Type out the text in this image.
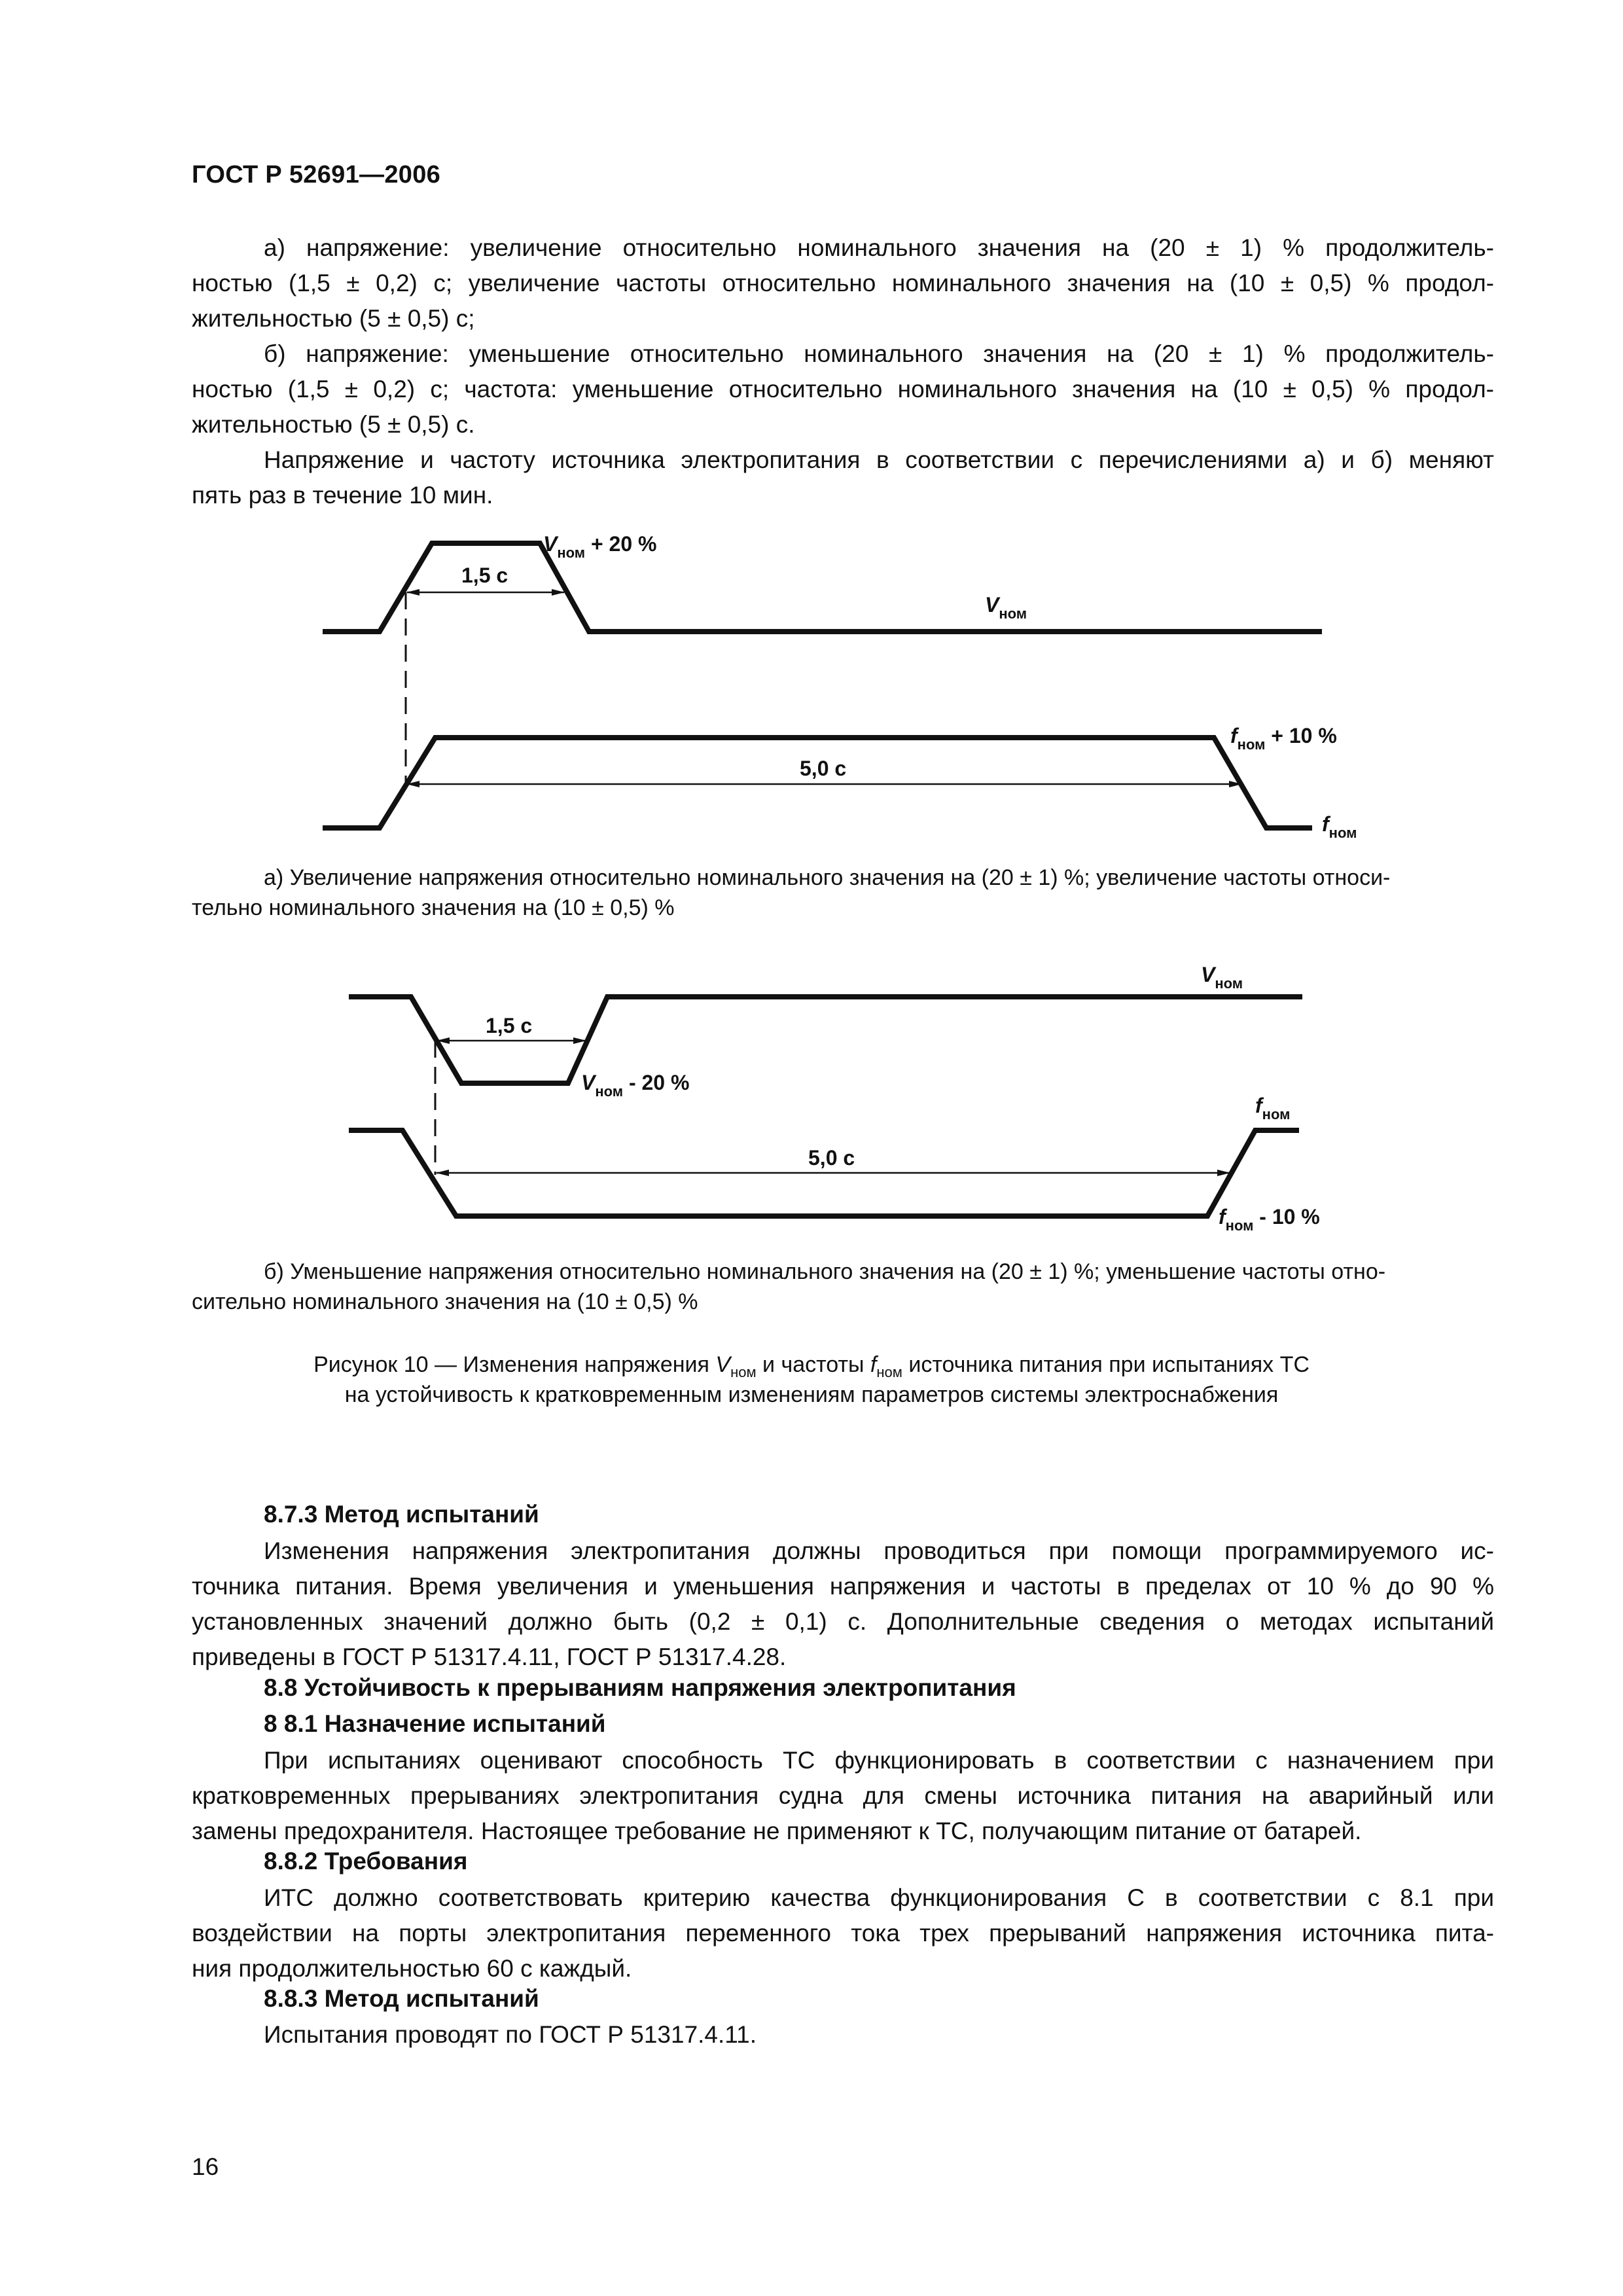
ГОСТ Р 52691—2006
а) напряжение: увеличение относительно номинального значения на (20 ± 1) % продолжитель-
ностью (1,5 ± 0,2) с; увеличение частоты относительно номинального значения на (10 ± 0,5) % продол-
жительностью (5 ± 0,5) с;
б) напряжение: уменьшение относительно номинального значения на (20 ± 1) % продолжитель-
ностью (1,5 ± 0,2) с; частота: уменьшение относительно номинального значения на (10 ± 0,5) % продол-
жительностью (5 ± 0,5) с.
Напряжение и частоту источника электропитания в соответствии с перечислениями а) и б) меняют
пять раз в течение 10 мин.
1,5 с
$V_{ном} + 20$ %
$V_{ном}$
5,0 с
$f_{ном} + 10$ %
$f_{ном}$
1,5 с
$V_{ном}$
$V_{ном} - 20$ %
5,0 с
$f_{ном}$
$f_{ном} - 10$ %
а) Увеличение напряжения относительно номинального значения на (20 ± 1) %; увеличение частоты относи-
тельно номинального значения на (10 ± 0,5) %
б) Уменьшение напряжения относительно номинального значения на (20 ± 1) %; уменьшение частоты отно-
сительно номинального значения на (10 ± 0,5) %
Рисунок 10 — Изменения напряжения $V_{ном}$ и частоты $f_{ном}$ источника питания при испытаниях ТС
на устойчивость к кратковременным изменениям параметров системы электроснабжения
8.7.3 Метод испытаний
Изменения напряжения электропитания должны проводиться при помощи программируемого ис-
точника питания. Время увеличения и уменьшения напряжения и частоты в пределах от 10 % до 90 %
установленных значений должно быть (0,2 ± 0,1) с. Дополнительные сведения о методах испытаний
приведены в ГОСТ Р 51317.4.11, ГОСТ Р 51317.4.28.
8.8 Устойчивость к прерываниям напряжения электропитания
8 8.1 Назначение испытаний
При испытаниях оценивают способность ТС функционировать в соответствии с назначением при
кратковременных прерываниях электропитания судна для смены источника питания на аварийный или
замены предохранителя. Настоящее требование не применяют к ТС, получающим питание от батарей.
8.8.2 Требования
ИТС должно соответствовать критерию качества функционирования С в соответствии с 8.1 при
воздействии на порты электропитания переменного тока трех прерываний напряжения источника пита-
ния продолжительностью 60 с каждый.
8.8.3 Метод испытаний
Испытания проводят по ГОСТ Р 51317.4.11.
16
